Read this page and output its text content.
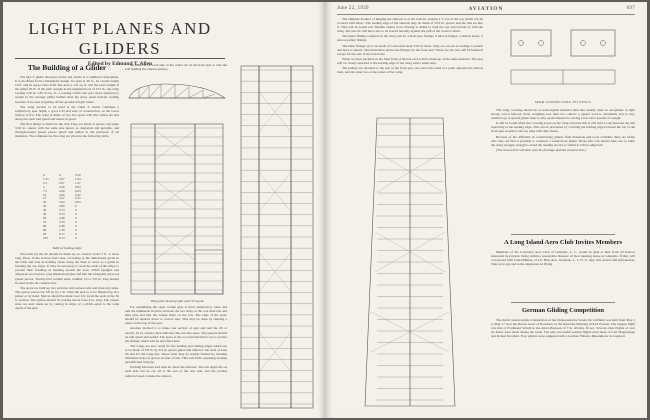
LIGHT PLANES AND GLIDERS
Edited by Edmund T. Allen
The Building of a Glider

The M.I.T. glider discussed in the last article is a cantilever monoplane. It is modified from a Darmstadt design. Its span is 36 ft., its overall length 16 ft. and its aspect ratio 6.38. The area is 141 sq. ft. and the total weight of the glider 95 lb. If the pilot weighs in the neighborhood of 155 lb., the wing loading will be 1.85 lb./sq. ft., a loading which will give more satisfactory results in the average glider builder than the more usual heavier loading because of its ease in getting off the ground in light winds.

The wing section to be used is the Clark Y which combines a satisfactory spar depth, a good L/D and ease of construction, as the lower surface is flat. The wing is made of two box spars with ribs which are slid along the spars and glued and nailed in place.

The first things to build are the ribs. They are made of spruce cap strips 3/16 in. square with the same size pieces as diagonals and uprights, and through-veneer gusset pieces glued and nailed at the junctures of all members. The ordinates for the wing are given in the following table.

0	0	3.50
1.25	2.07	1.93
2.5	2.67	1.47
5	3.56	0.93
7.5	4.20	0.63
10	4.66	0.42
15	5.27	0.15
20	5.62	0.03
30	5.89	0
40	5.73	0
50	5.23	0
60	4.48	0
70	3.55	0
80	2.48	0
90	1.36	0
95	0.77	0
100	0.13	0
Table of leading edge

The form for the rib should be made up on a heavy board 5 ft. or more long. Draw in the section exact size, according to the dimensions given in the table and tack in holding cleats along the lines to serve as a guide in bending the cap strips. It may be necessary to soak the ends of the strips to prevent their breaking in bending around the nose. When uprights and diagonals are in place, (see illustration) glue and nail the triangular plywood gusset pieces. Twenty-four normal ends, number 19 or 3/8 in. long should be used in the rib construction.

The spars are built up box sections with spruce rails and three-ply sides. The spruce pieces are 3/8 in. by 1 in. Then the spar is to be finished up in a planer or by hand. Splices should be made over 6 ft. from the ends of the 36 ft. section. The splices should be scarfed and at least 4 in. long. The veneer sides are next made up by cutting in strips of a width equal to the wide depth of the spar.

the tenth rib on each side of the center rib on the front spar to take the bolt holding the aileron pulleys.

Wing plan showing spar and rib layout

For assembling the spars certain glue is most satisfactory. Glue and nail the bulkheads in place between the two strips at the root intervals and then glue and nail the veneer sides on the box. The ends of the spars should be tapered down to correct size. This may be done by running a plane on the top of the spar.

Another method is to make one section of spar and nail the rib at exactly 10 in. centers, then slide the ribs onto the spars. The gussets should be butt glued and nailed. The spars at the root end should be cut to receive the fittings which will be described later.

The wings are now ready for the leading and trailing edges which are to be made of 3/8 in. by 3/4 in. spruce glued and nailed to the ends of each rib and for the wing tips. These latter may be readily formed by bending laminated strips of spruce around a form. This will form a pleasing looking and efficient wing tip.

Nothing has been said thus far about the ailerons. The last eight ribs on each side can be cut off at the rear of the rear spar, and the portion removed used to make the aileron.

June 22, 1929	AVIATION	697

The simplest method of hinging the ailerons is at the bottom, leaving a V slot at the top which can be covered with fabric. The leading edge of the ailerons may be made of 3/16 in. spruce and the ribs set into it. This will be found less flexible unless cross bracing is added to both the top and bottom as with the wing. The last rib will have also to be braced laterally against the pull of the control cables.

The metal fittings required on the wing will be 4 main spar fittings, 8 aileron hinges, 2 aileron horns, 4 aileron pulley fittings.

The main fittings are to be made of cold rolled steel 3/32 in. thick. They are cut out according to pattern and bent as shown. The illustration shows the fittings for the front spar. Those for the rear will be identical except for the size of the bolt holes.

When we have decided on the final form of aileron each will be made up of the same material. The spar will be closely attached to the leading edge of the wing with a small strip.

The pulleys are attached to the rear of the front spar, one above the other at a point opposite the aileron horn, and the other two at the center of the wing.

SPAR CONNECTING FITTINGS

The wing covering should be of some lighter material than that usually used on aeroplanes. A light strong cotton balloon cloth, weighing less than two ounces a square yard is obtainable and is very satisfactory. A special glider dope is also on the market for saving a few extra pounds of weight.

It will be found when the covering is put on the wing structure that it will tend to sag between the ribs especially at the leading edge. This can be prevented by covering the leading edge between the top of the front spar around to the top edge with thin veneer.

Because of the difficulty in constructing gliders from materials and tools available there are many who may not find it possible to construct a satisfactory glider. Those who can should take care to build the wing strongly enough to stand the landing shocks to which it will be subjected.

(The next article will deal with the fuselage and tail construction.)

A Long Island Aero Club Invites Members

Members of the Lawrence Aero Club of Glendale, L. I., would be glad to hear from all fellows interested in aviation living within a reasonable distance of their meeting house at Glendale. If they will correspond with John Dillman, of 121 Hale Ave., Glendale, L. I., N. Y., they will receive full information. State your age and some experience in flying.

German Gliding Competition

The third Coastal-Glider-Competition of the Ostpreussische Verein fur Luftfahrt was held from May 2 to May 17 near the Ostsee resort of Rossitten on the Kurische Nehrung in East Prussia. The longest flight was that of Ferdinand Schulz in the Alten Preussen of 7 hr. 46 min. 36 sec. Several other flights of over six hours were made during the week. The only successful soaring flights were those of Carl Magersuppe and Robert Kronfeld. Four gliders were equipped with a German Viktoria Rhoenmotor as required.
